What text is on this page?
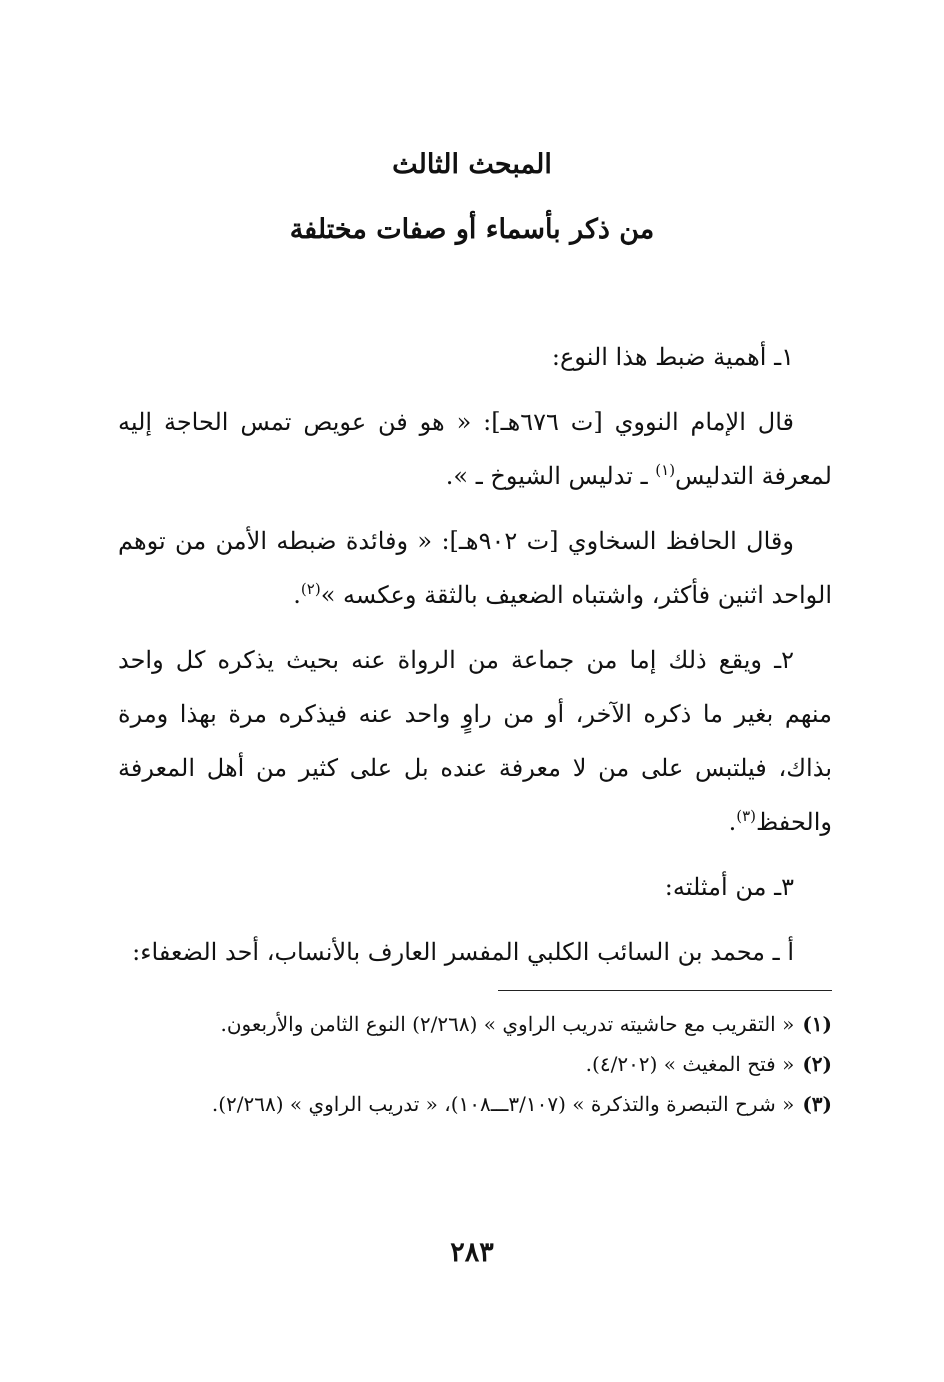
المبحث الثالث
من ذكر بأسماء أو صفات مختلفة

١ـ أهمية ضبط هذا النوع:

قال الإمام النووي [ت ٦٧٦هـ]: « هو فن عويص تمس الحاجة إليه لمعرفة التدليس$^{(١)}$ ـ تدليس الشيوخ ـ ».

وقال الحافظ السخاوي [ت ٩٠٢هـ]: « وفائدة ضبطه الأمن من توهم الواحد اثنين فأكثر، واشتباه الضعيف بالثقة وعكسه »$^{(٢)}$.

٢ـ ويقع ذلك إما من جماعة من الرواة عنه بحيث يذكره كل واحد منهم بغير ما ذكره الآخر، أو من راوٍ واحد عنه فيذكره مرة بهذا ومرة بذاك، فيلتبس على من لا معرفة عنده بل على كثير من أهل المعرفة والحفظ$^{(٣)}$.

٣ـ من أمثلته:

أ ـ محمد بن السائب الكلبي المفسر العارف بالأنساب، أحد الضعفاء:

(١)« التقريب مع حاشيته تدريب الراوي » (٢/٢٦٨) النوع الثامن والأربعون.

(٢)« فتح المغيث » (٤/٢٠٢).

(٣)« شرح التبصرة والتذكرة » (٣/١٠٧ـــ١٠٨)، « تدريب الراوي » (٢/٢٦٨).

٢٨٣
